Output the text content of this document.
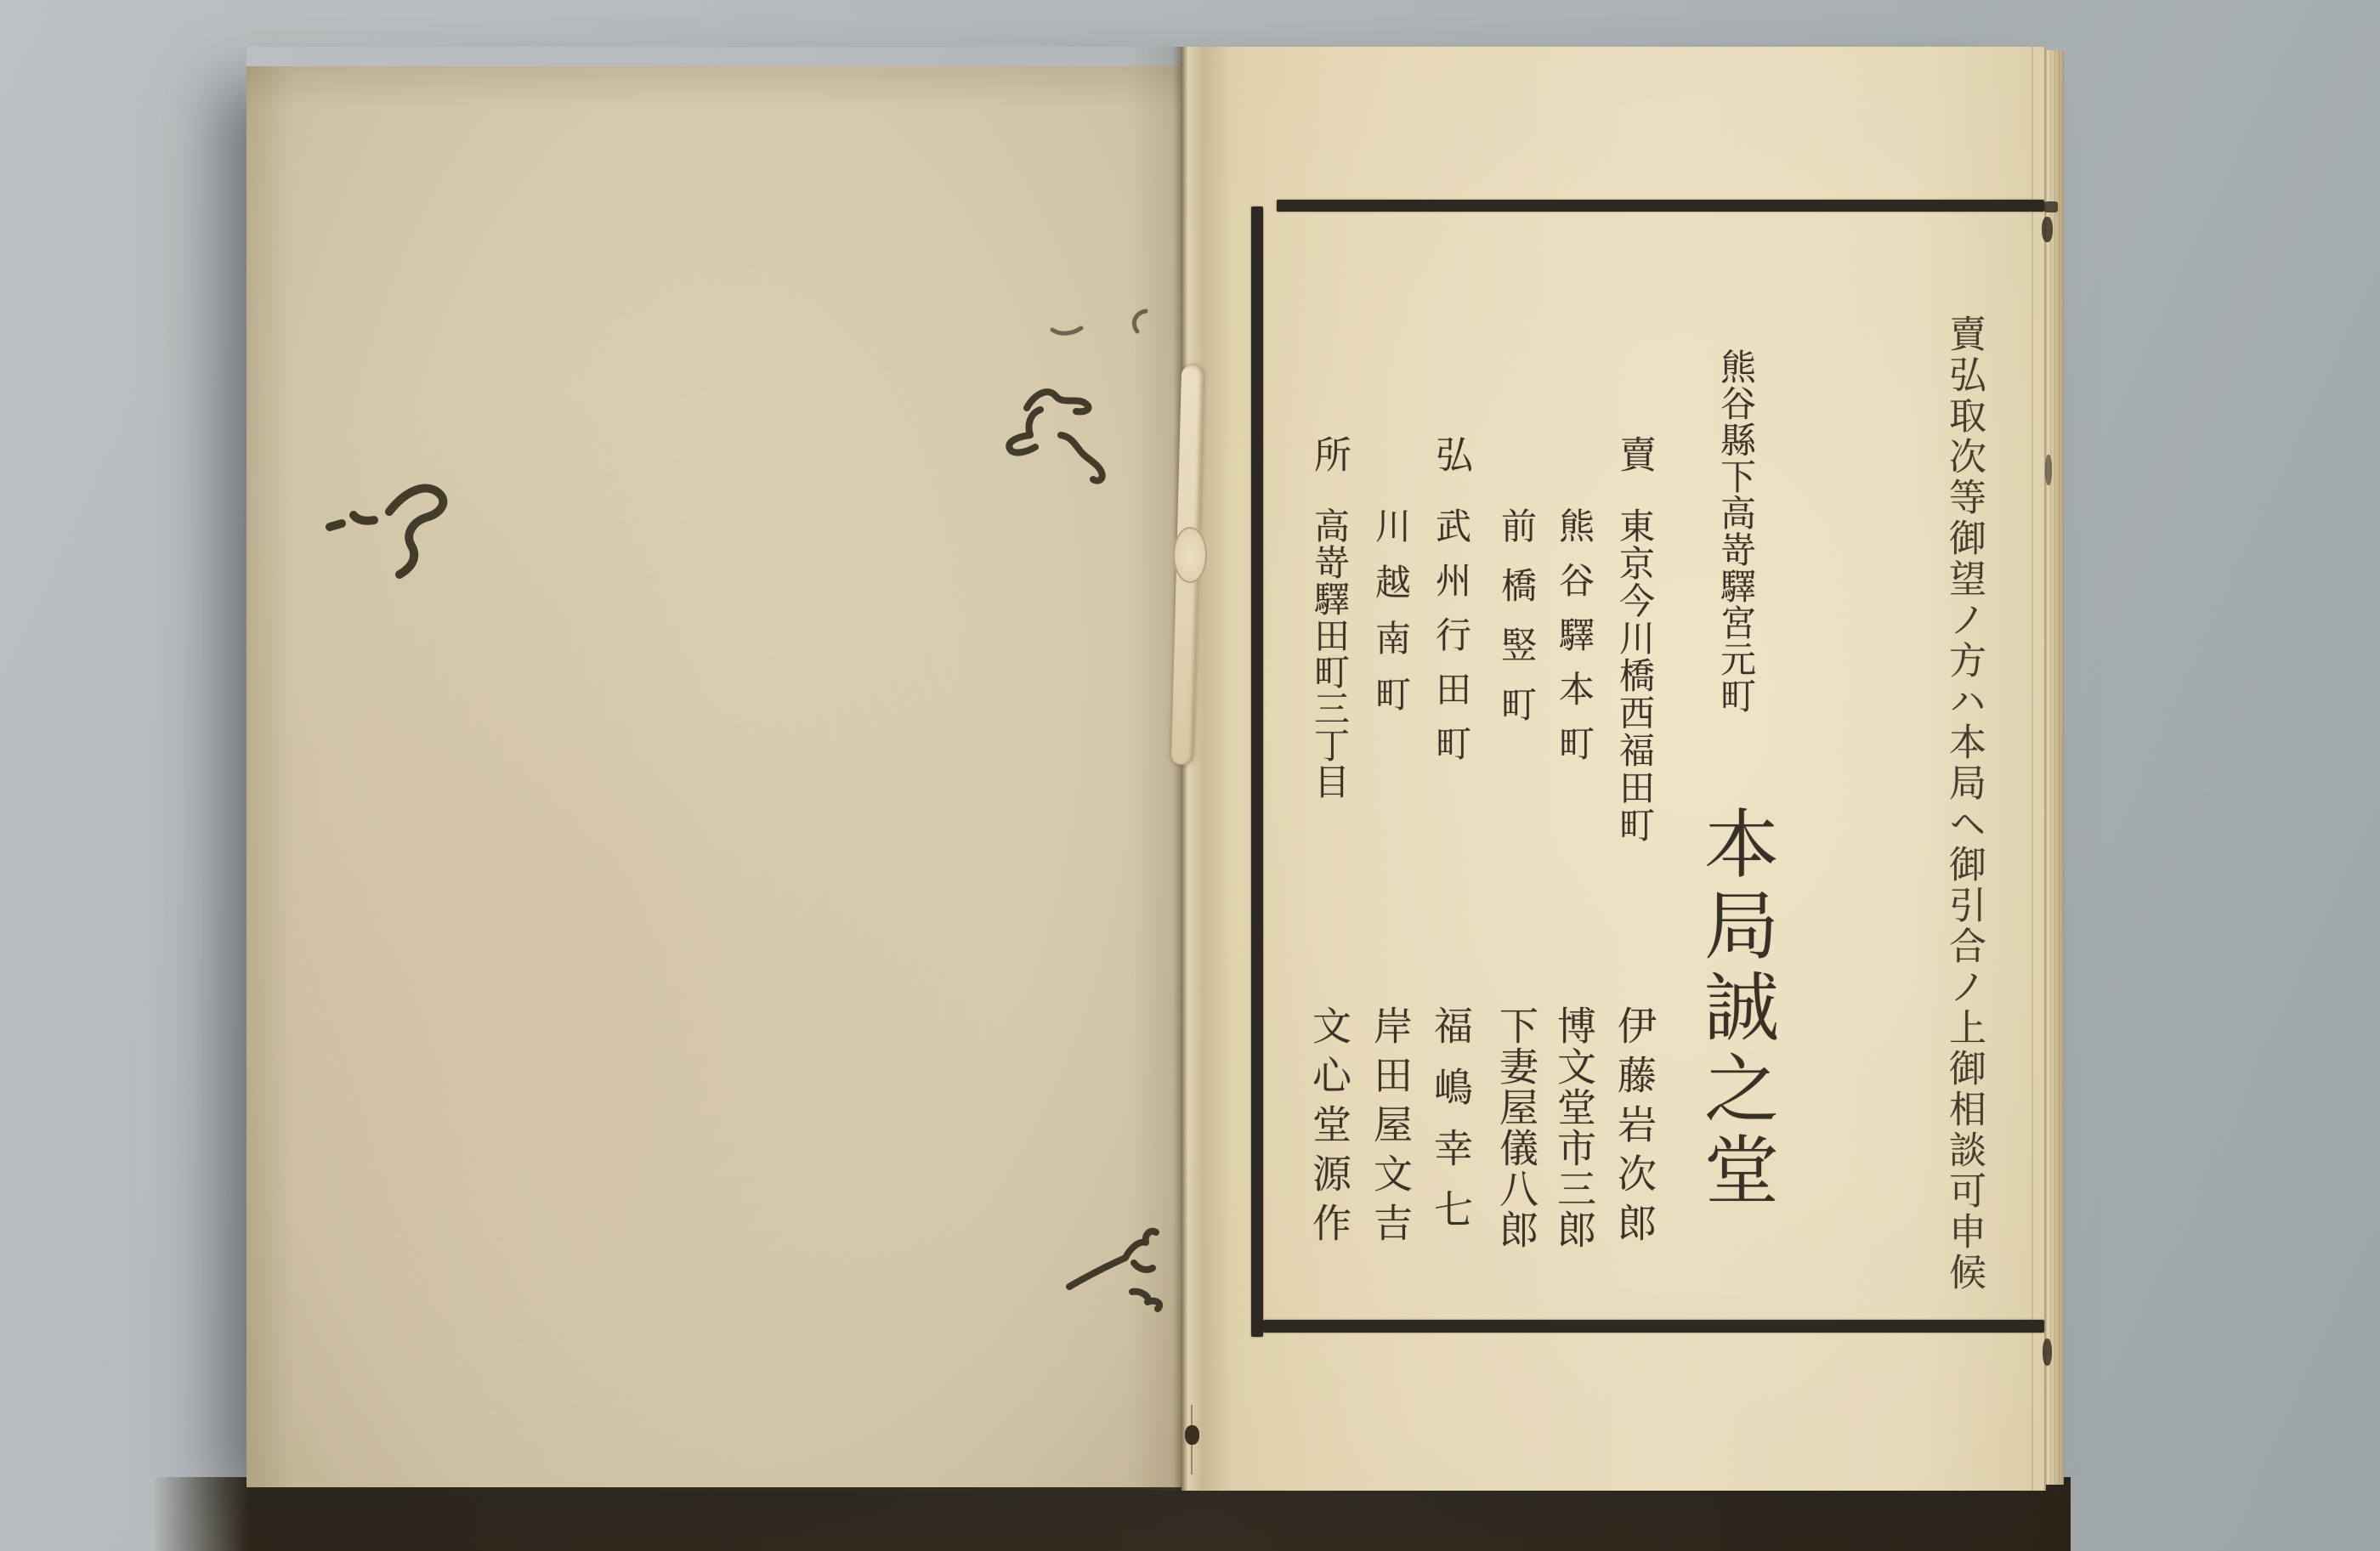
賣弘取次等御望ノ方ハ本局ヘ御引合ノ上御相談可申候
熊谷縣下高嵜驛宮元町
本局誠之堂
賣
東京今川橋西福田町
伊藤岩次郎
熊谷驛本町
博文堂市三郎
前橋竪町
下妻屋儀八郎
弘
武州行田町
福嶋幸七
川越南町
岸田屋文吉
所
高嵜驛田町三丁目
文心堂源作
